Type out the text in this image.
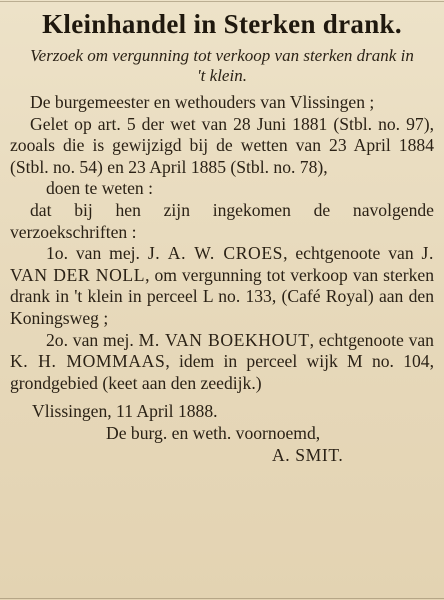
Kleinhandel in Sterken drank.

Verzoek om vergunning tot verkoop van sterken drank in 't klein.

De burgemeester en wethouders van Vlissingen ;

Gelet op art. 5 der wet van 28 Juni 1881 (Stbl. no. 97), zooals die is gewijzigd bij de wetten van 23 April 1884 (Stbl. no. 54) en 23 April 1885 (Stbl. no. 78),

doen te weten :

dat bij hen zijn ingekomen de navolgende verzoekschriften :

1o. van mej. J. A. W. CROES, echtgenoote van J. VAN DER NOLL, om vergunning tot verkoop van sterken drank in 't klein in perceel L no. 133, (Café Royal) aan den Koningsweg ;

2o. van mej. M. VAN BOEKHOUT, echtgenoote van K. H. MOMMAAS, idem in perceel wijk M no. 104, grondgebied (keet aan den zeedijk.)

Vlissingen, 11 April 1888.

De burg. en weth. voornoemd,

A. SMIT.
